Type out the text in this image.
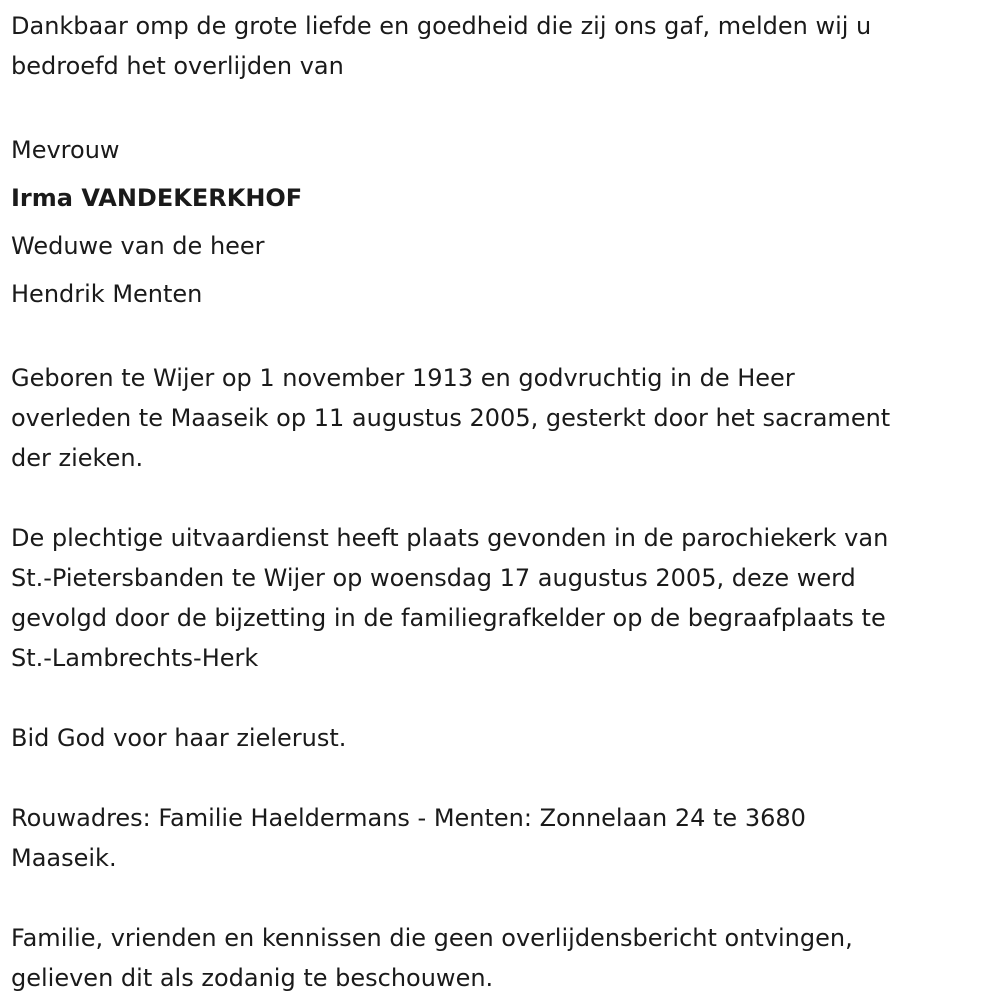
Dankbaar omp de grote liefde en goedheid die zij ons gaf, melden wij u
bedroefd het overlijden van
Mevrouw
Irma VANDEKERKHOF
Weduwe van de heer
Hendrik Menten
Geboren te Wijer op 1 november 1913 en godvruchtig in de Heer
overleden te Maaseik op 11 augustus 2005, gesterkt door het sacrament
der zieken.
De plechtige uitvaardienst heeft plaats gevonden in de parochiekerk van
St.-Pietersbanden te Wijer op woensdag 17 augustus 2005, deze werd
gevolgd door de bijzetting in de familiegrafkelder op de begraafplaats te
St.-Lambrechts-Herk
Bid God voor haar zielerust.
Rouwadres: Familie Haeldermans - Menten: Zonnelaan 24 te 3680
Maaseik.
Familie, vrienden en kennissen die geen overlijdensbericht ontvingen,
gelieven dit als zodanig te beschouwen.
